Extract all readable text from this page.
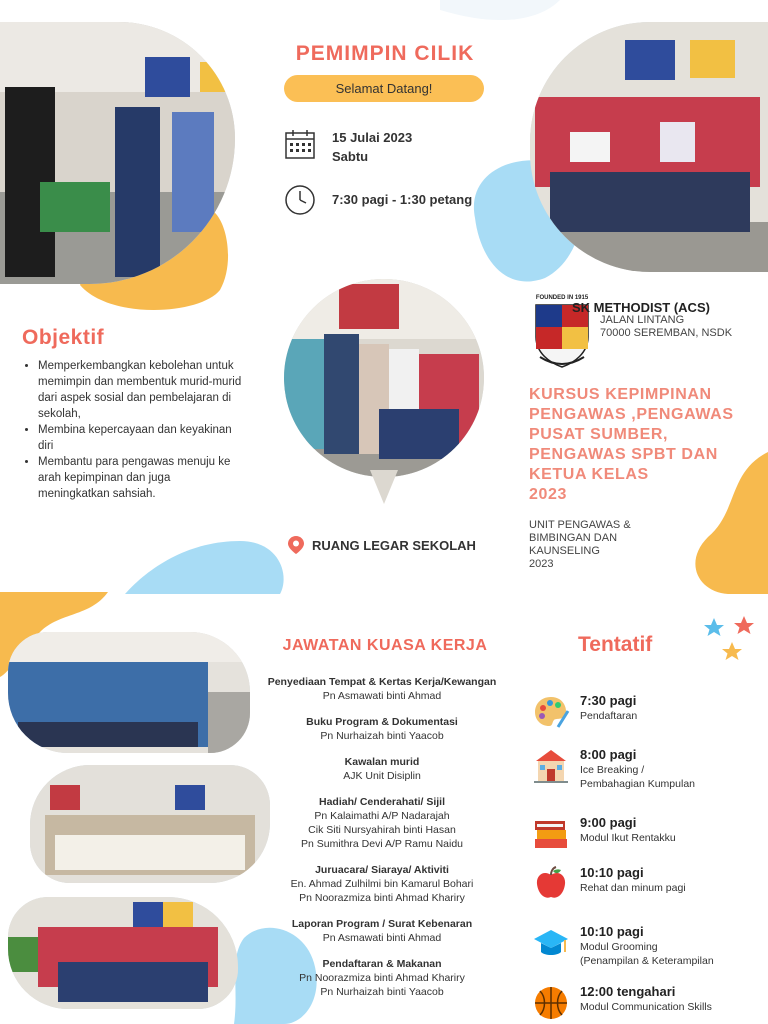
PEMIMPIN CILIK
Selamat Datang!
15 Julai 2023
Sabtu
7:30 pagi - 1:30 petang
Objektif
• Memperkembangkan kebolehan untuk memimpin dan membentuk murid-murid dari aspek sosial dan pembelajaran di sekolah,
• Membina kepercayaan dan keyakinan diri
• Membantu para pengawas menuju ke arah kepimpinan dan juga meningkatkan sahsiah.
FOUNDED IN 1915
SK METHODIST (ACS)
JALAN LINTANG
70000 SEREMBAN, NSDK
KURSUS KEPIMPINAN
PENGAWAS ,PENGAWAS
PUSAT SUMBER,
PENGAWAS SPBT DAN
KETUA KELAS
2023
UNIT PENGAWAS &
BIMBINGAN DAN
KAUNSELING
2023
RUANG LEGAR SEKOLAH
JAWATAN KUASA KERJA
Penyediaan Tempat & Kertas Kerja/Kewangan
Pn Asmawati binti Ahmad
Buku Program & Dokumentasi
Pn Nurhaizah binti Yaacob
Kawalan murid
AJK Unit Disiplin
Hadiah/ Cenderahati/ Sijil
Pn Kalaimathi A/P Nadarajah
Cik Siti Nursyahirah binti Hasan
Pn Sumithra Devi A/P Ramu Naidu
Juruacara/ Siaraya/ Aktiviti
En. Ahmad Zulhilmi bin Kamarul Bohari
Pn Noorazmiza binti Ahmad Khariry
Laporan Program / Surat Kebenaran
Pn Asmawati binti Ahmad
Pendaftaran & Makanan
Pn Noorazmiza binti Ahmad Khariry
Pn Nurhaizah binti Yaacob
Tentatif
7:30 pagi
Pendaftaran
8:00 pagi
Ice Breaking /
Pembahagian Kumpulan
9:00 pagi
Modul Ikut Rentakku
10:10 pagi
Rehat dan minum pagi
10:10 pagi
Modul Grooming
(Penampilan & Keterampilan
12:00 tengahari
Modul Communication Skills
